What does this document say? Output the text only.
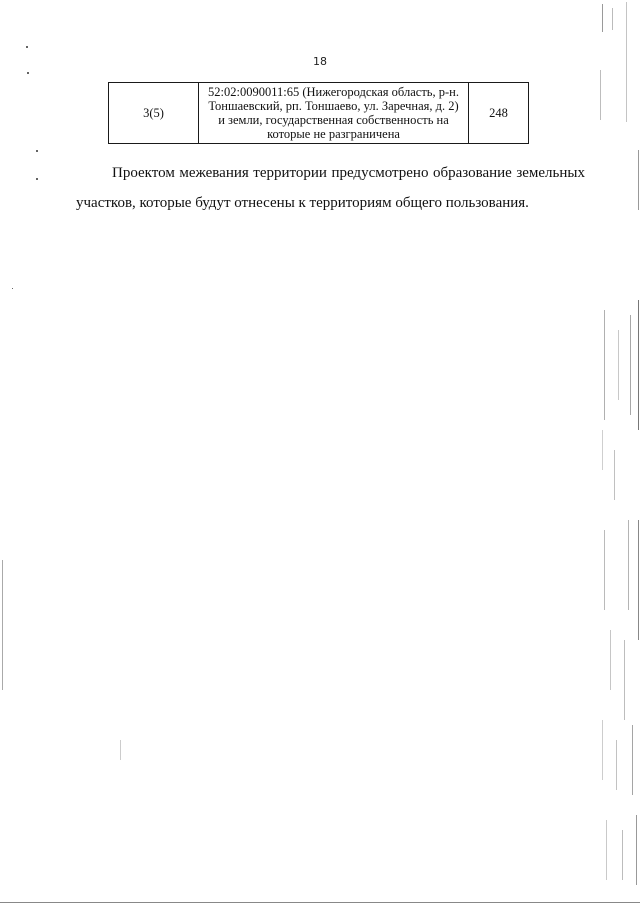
18
3(5)	52:02:0090011:65 (Нижегородская область, р-н. Тоншаевский, рп. Тоншаево, ул. Заречная, д. 2) и земли, государственная собственность на которые не разграничена	248

Проектом межевания территории предусмотрено образование земельных участков, которые будут отнесены к территориям общего пользования.
